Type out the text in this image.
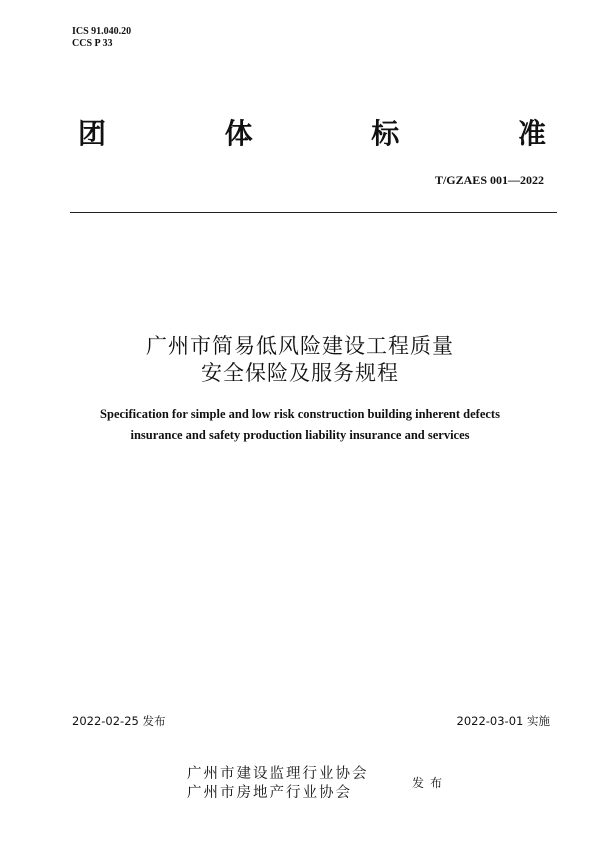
ICS 91.040.20
CCS P 33
团	体	标	准
T/GZAES 001—2022
广州市简易低风险建设工程质量
安全保险及服务规程
Specification for simple and low risk construction building inherent defects
insurance and safety production liability insurance and services
2022-02-25 发布	2022-03-01 实施
广州市建设监理行业协会
广州市房地产行业协会
发布
